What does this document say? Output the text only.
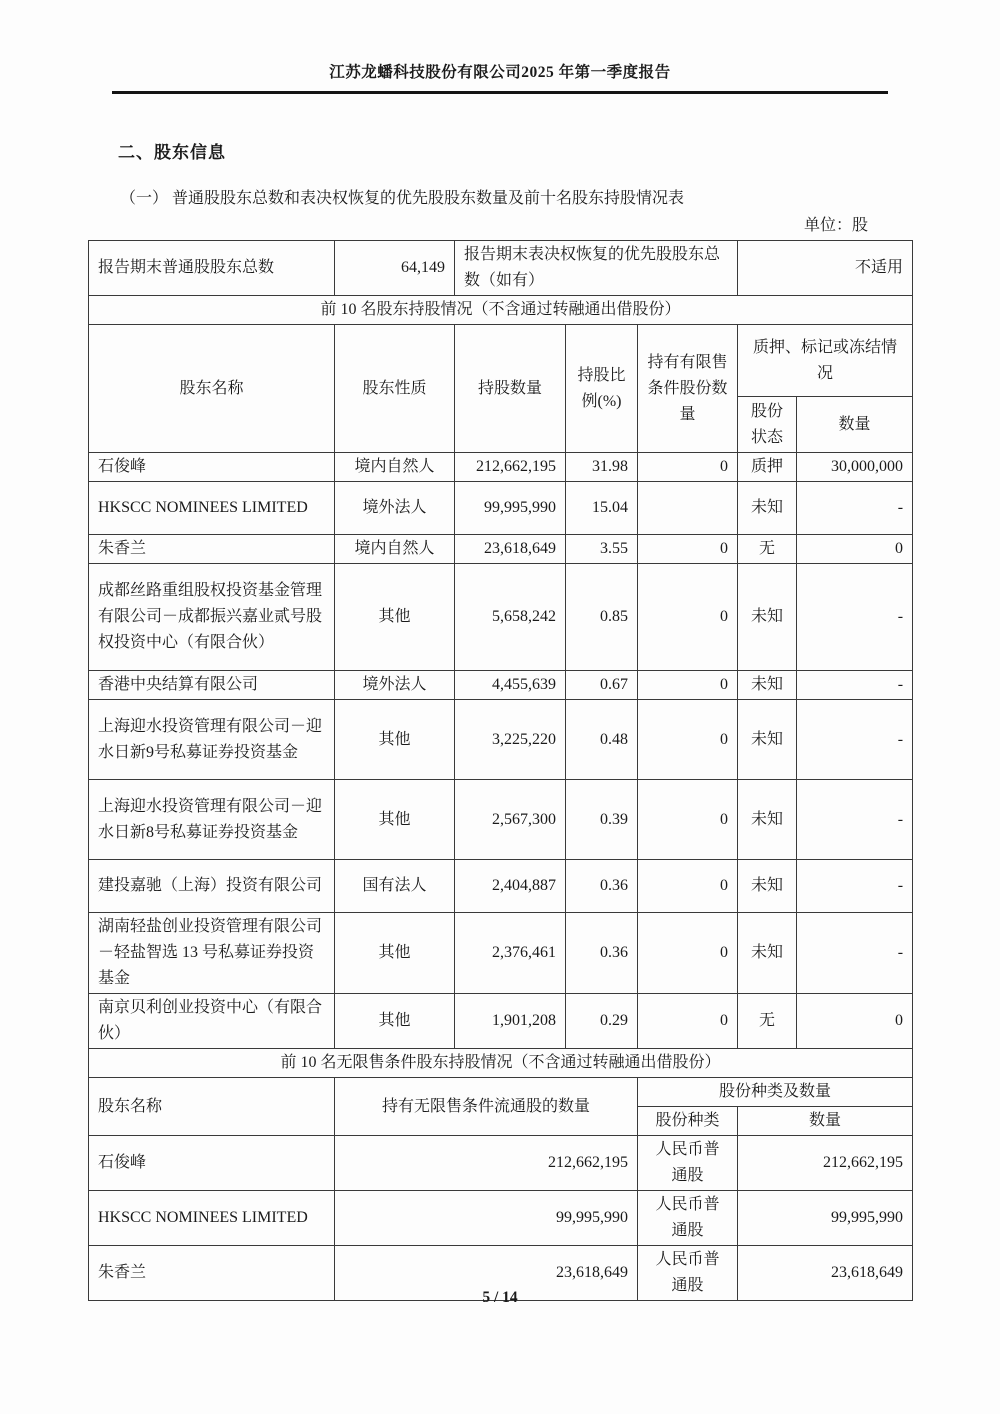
江苏龙蟠科技股份有限公司2025 年第一季度报告
二、股东信息
（一） 普通股股东总数和表决权恢复的优先股股东数量及前十名股东持股情况表
单位：股
报告期末普通股股东总数	64,149	报告期末表决权恢复的优先股股东总数（如有）			不适用	
前 10 名股东持股情况（不含通过转融通出借股份）						
股东名称	股东性质	持股数量	持股比例(%)	持有有限售条件股份数量	质押、标记或冻结情况	
					股份状态	数量
石俊峰	境内自然人	212,662,195	31.98	0	质押	30,000,000
HKSCC NOMINEES LIMITED	境外法人	99,995,990	15.04		未知	-
朱香兰	境内自然人	23,618,649	3.55	0	无	0
成都丝路重组股权投资基金管理有限公司－成都振兴嘉业贰号股权投资中心（有限合伙）	其他	5,658,242	0.85	0	未知	-
香港中央结算有限公司	境外法人	4,455,639	0.67	0	未知	-
上海迎水投资管理有限公司－迎水日新9号私募证券投资基金	其他	3,225,220	0.48	0	未知	-
上海迎水投资管理有限公司－迎水日新8号私募证券投资基金	其他	2,567,300	0.39	0	未知	-
建投嘉驰（上海）投资有限公司	国有法人	2,404,887	0.36	0	未知	-
湖南轻盐创业投资管理有限公司－轻盐智选 13 号私募证券投资基金	其他	2,376,461	0.36	0	未知	-
南京贝利创业投资中心（有限合伙）	其他	1,901,208	0.29	0	无	0
前 10 名无限售条件股东持股情况（不含通过转融通出借股份）						
股东名称	持有无限售条件流通股的数量			股份种类及数量		
				股份种类	数量	
石俊峰	212,662,195			人民币普通股	212,662,195	
HKSCC NOMINEES LIMITED	99,995,990			人民币普通股	99,995,990	
朱香兰	23,618,649			人民币普通股	23,618,649	
5 / 14
